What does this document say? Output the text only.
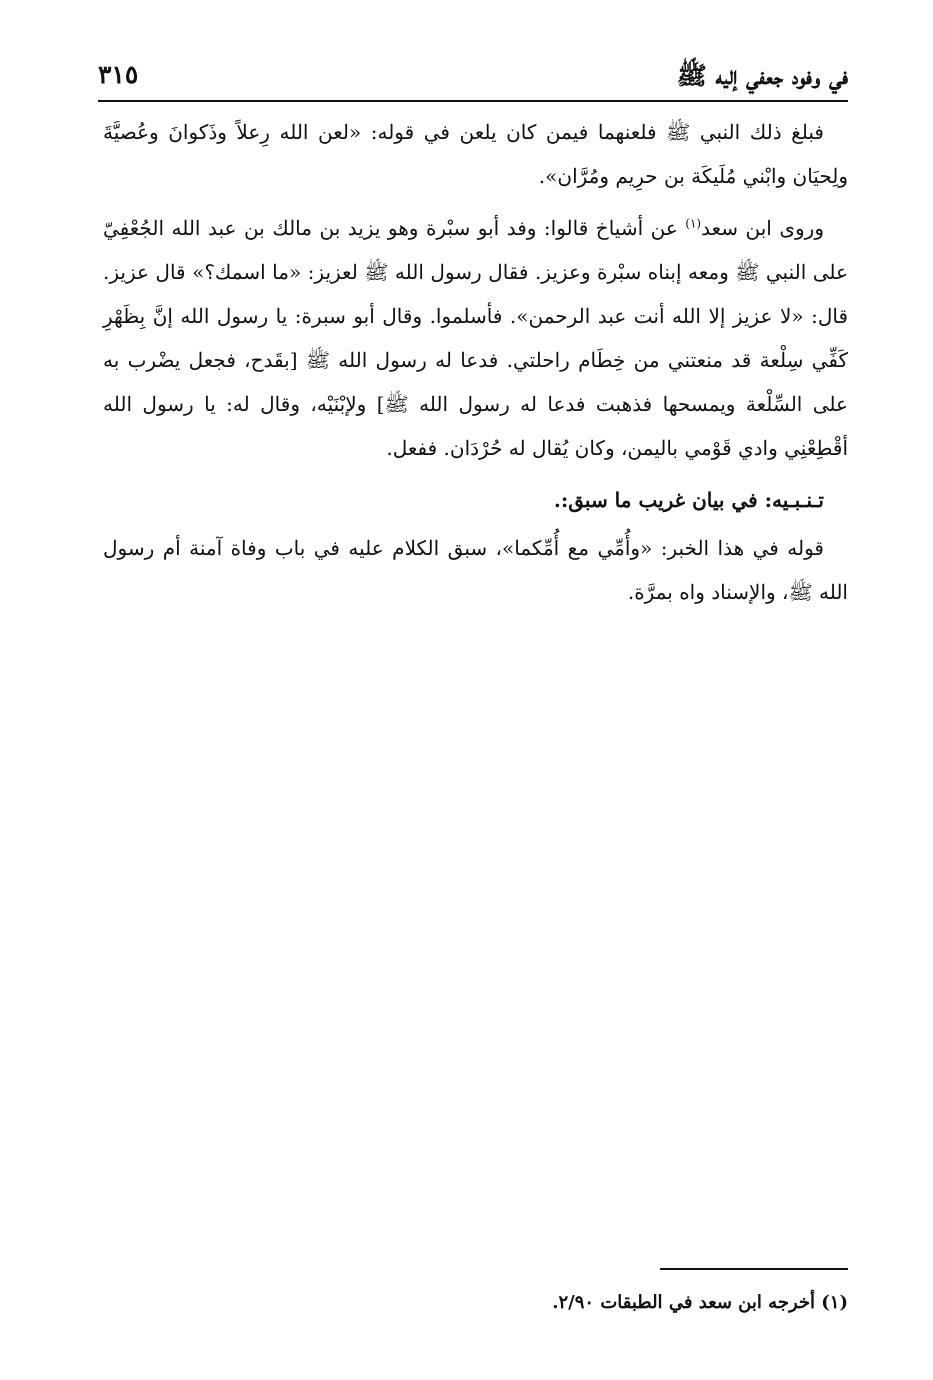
في وفود جعفي إليه ﷺ
٣١٥

فبلغ ذلك النبي ﷺ فلعنهما فيمن كان يلعن في قوله: «لعن الله رِعلاً وذَكوانَ وعُصيَّةَ ولِحيَان وابْني مُلَيكَة بن حرِيم ومُرَّان».

وروى ابن سعد$^{(١)}$ عن أشياخ قالوا: وفد أبو سبْرة وهو يزيد بن مالك بن عبد الله الجُعْفِيّ على النبي ﷺ ومعه إبناه سبْرة وعزيز. فقال رسول الله ﷺ لعزيز: «ما اسمك؟» قال عزيز. قال: «لا عزيز إلا الله أنت عبد الرحمن». فأسلموا. وقال أبو سبرة: يا رسول الله إنَّ بِظَهْرِ كَفِّي سِلْعة قد منعتني من خِطَام راحلتي. فدعا له رسول الله ﷺ [بقَدح، فجعل يضْرب به على السِّلْعة ويمسحها فذهبت فدعا له رسول الله ﷺ] ولإبْنَيْه، وقال له: يا رسول الله أقْطِعْنِي وادي قَوْمي باليمن، وكان يُقال له حُرْدَان. ففعل.

تـنـبـيه: في بيان غريب ما سبق:.

قوله في هذا الخبر: «وأُمِّي مع أُمِّكما»، سبق الكلام عليه في باب وفاة آمنة أم رسول الله ﷺ، والإسناد واه بمرَّة.

(١) أخرجه ابن سعد في الطبقات ٢/٩٠.
